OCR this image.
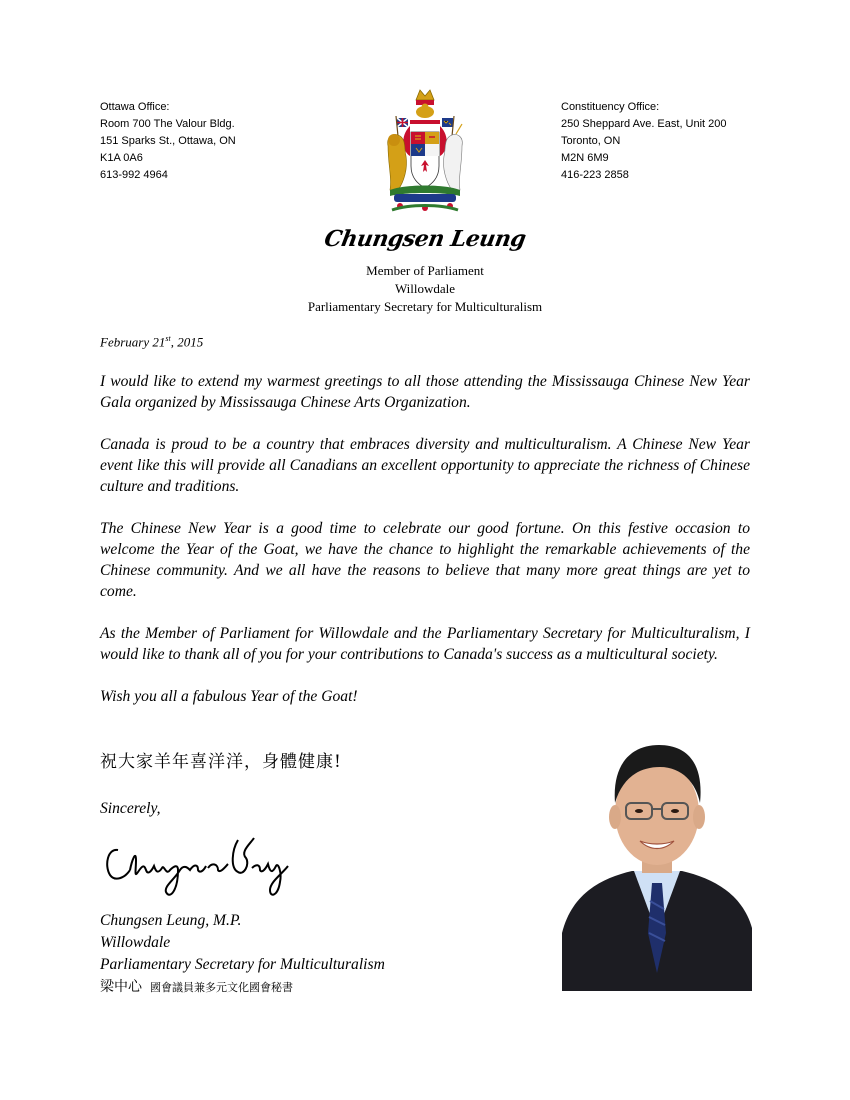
Ottawa Office:
Room 700 The Valour Bldg.
151 Sparks St., Ottawa, ON
K1A 0A6
613-992 4964
Constituency Office:
250 Sheppard Ave. East, Unit 200
Toronto, ON
M2N 6M9
416-223 2858
Chungsen Leung
Member of Parliament
Willowdale
Parliamentary Secretary for Multiculturalism
February 21st, 2015

I would like to extend my warmest greetings to all those attending the Mississauga Chinese New Year Gala organized by Mississauga Chinese Arts Organization.

Canada is proud to be a country that embraces diversity and multiculturalism. A Chinese New Year event like this will provide all Canadians an excellent opportunity to appreciate the richness of Chinese culture and traditions.

The Chinese New Year is a good time to celebrate our good fortune. On this festive occasion to welcome the Year of the Goat, we have the chance to highlight the remarkable achievements of the Chinese community. And we all have the reasons to believe that many more great things are yet to come.

As the Member of Parliament for Willowdale and the Parliamentary Secretary for Multiculturalism, I would like to thank all of you for your contributions to Canada's success as a multicultural society.

Wish you all a fabulous Year of the Goat!

祝大家羊年喜洋洋，身體健康!
Sincerely,
Chungsen Leung, M.P.
Willowdale
Parliamentary Secretary for Multiculturalism
梁中心 國會議員兼多元文化國會秘書
